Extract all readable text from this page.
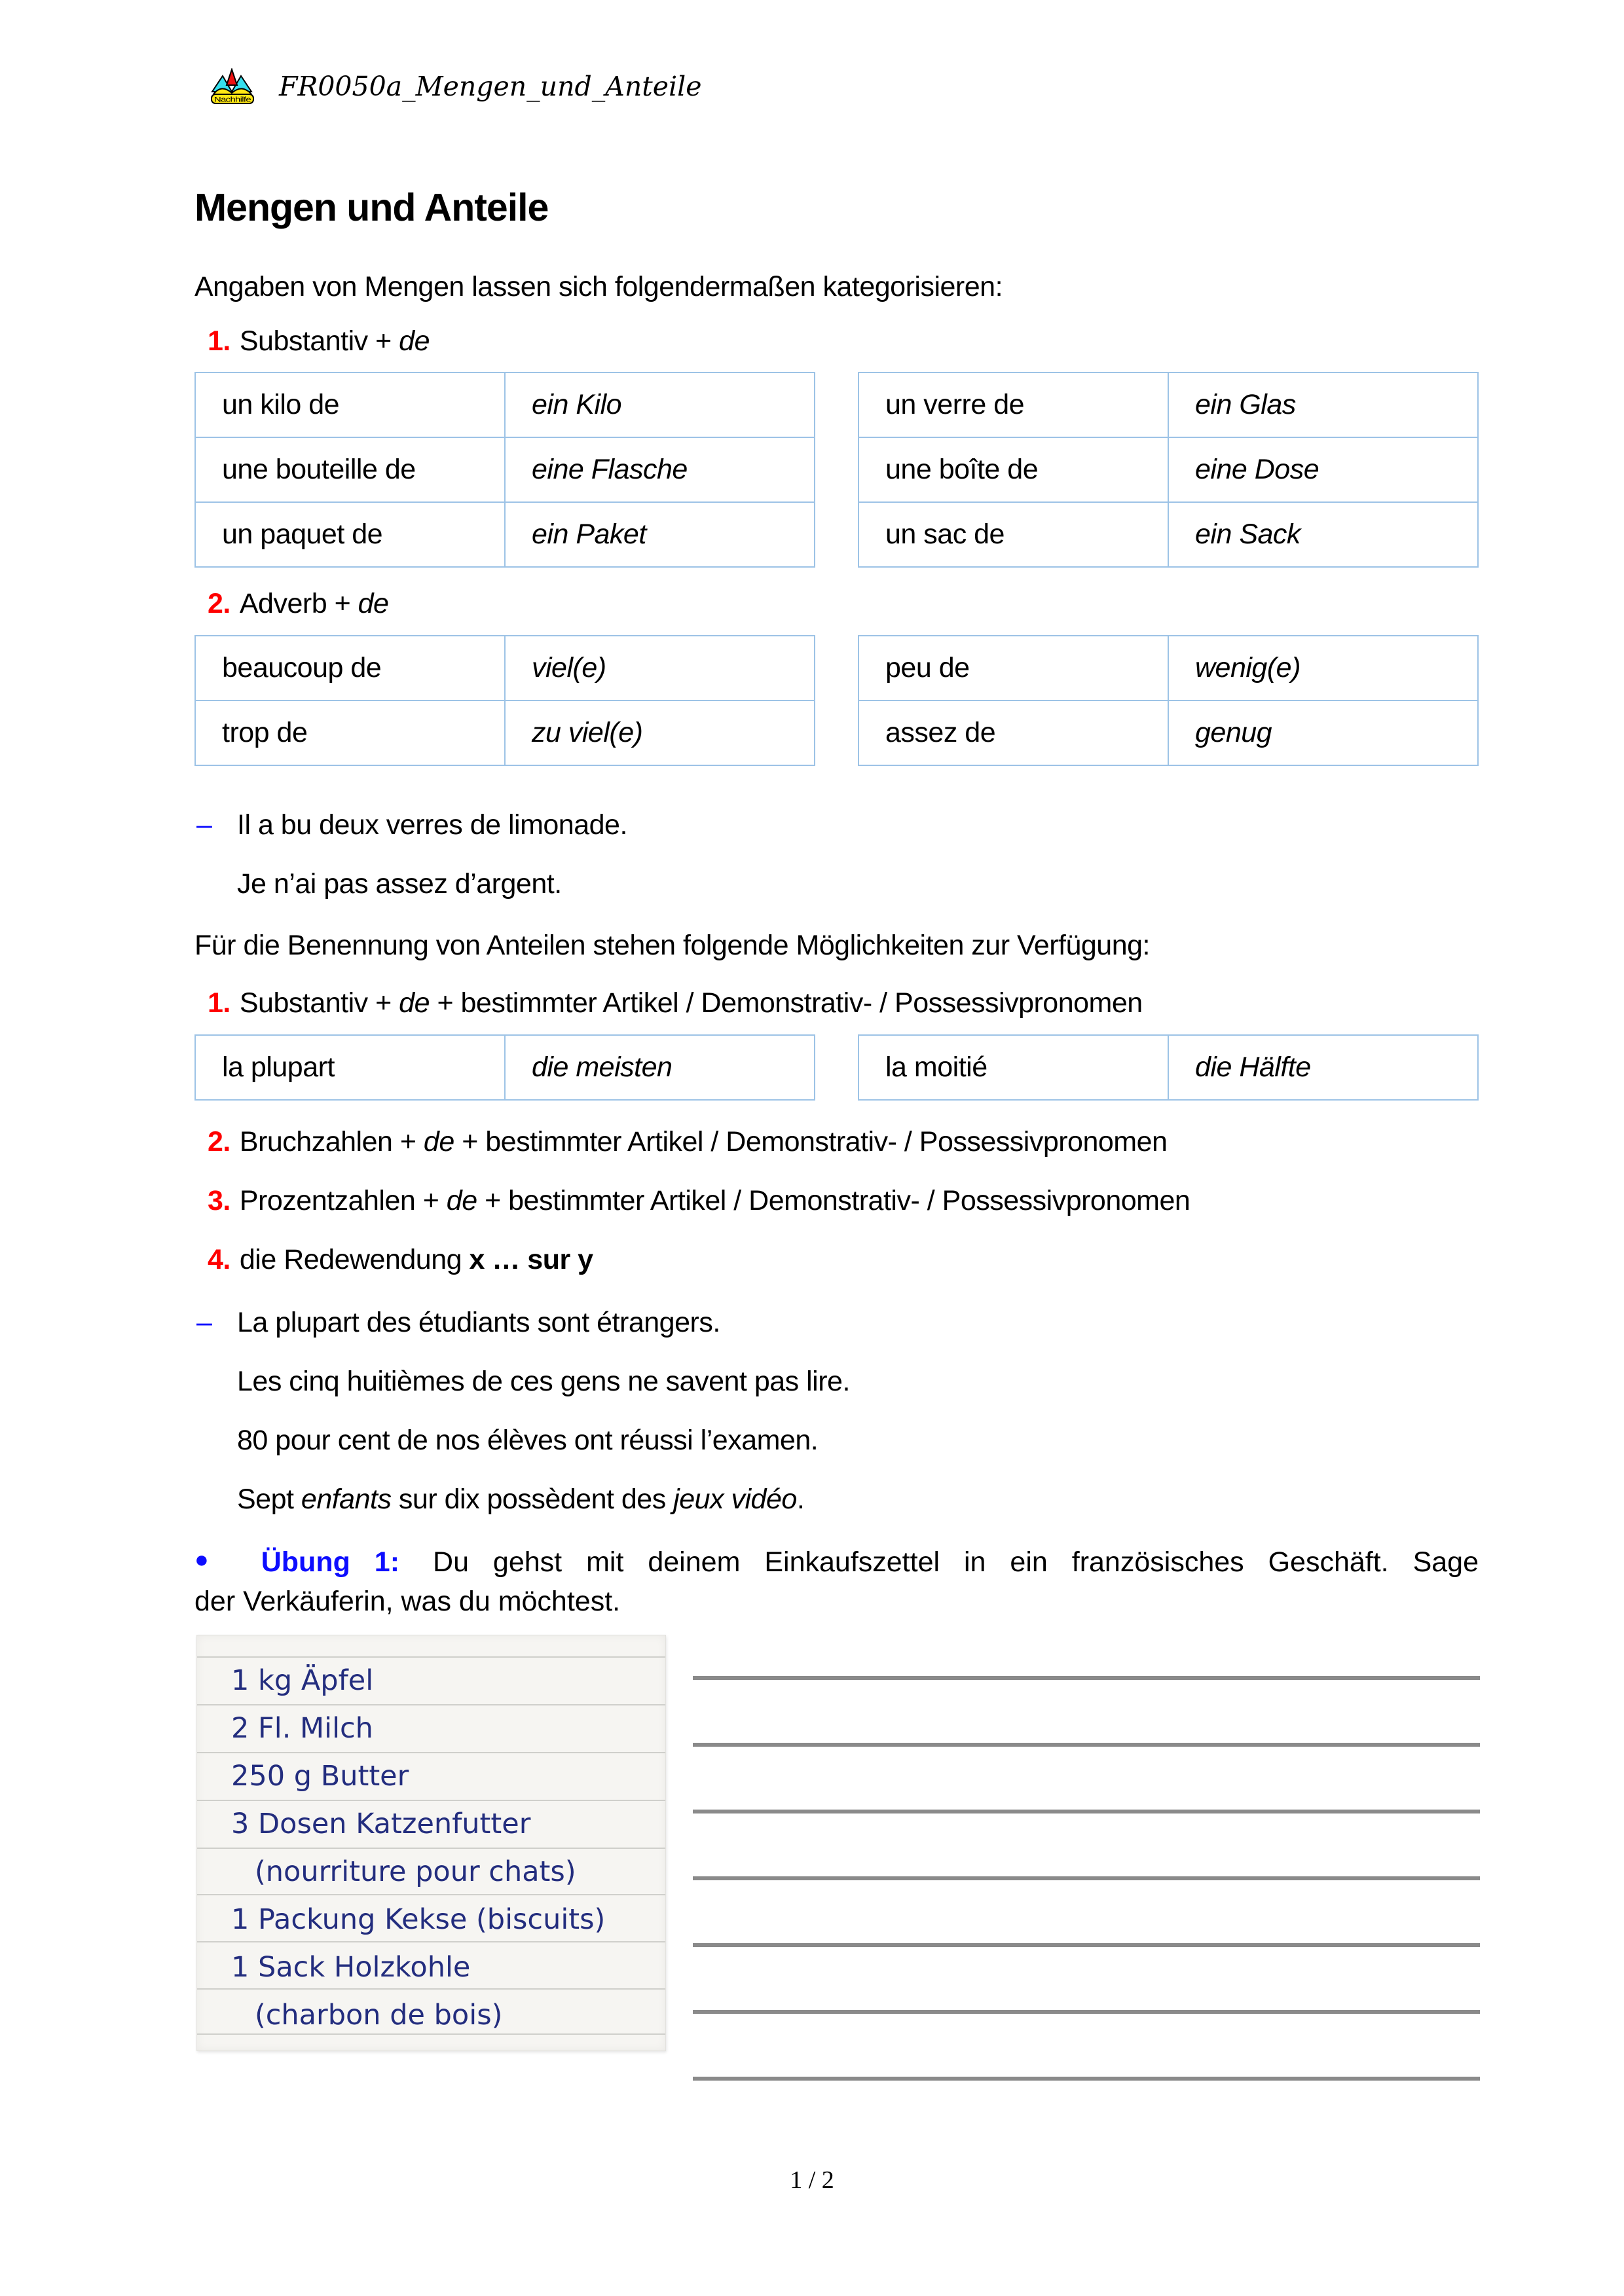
Nachhilfe FR0050a_Mengen_und_Anteile
Mengen und Anteile

Angaben von Mengen lassen sich folgendermaßen kategorisieren:

1. Substantiv + de
un kilo de	ein Kilo
une bouteille de	eine Flasche
un paquet de	ein Paket
un verre de	ein Glas
une boîte de	eine Dose
un sac de	ein Sack
2. Adverb + de
beaucoup de	viel(e)
trop de	zu viel(e)
peu de	wenig(e)
assez de	genug
– Il a bu deux verres de limonade.
Je n’ai pas assez d’argent.

Für die Benennung von Anteilen stehen folgende Möglichkeiten zur Verfügung:

1. Substantiv + de + bestimmter Artikel / Demonstrativ- / Possessivpronomen
la plupart	die meisten	la moitié	die Hälfte
2. Bruchzahlen + de + bestimmter Artikel / Demonstrativ- / Possessivpronomen
3. Prozentzahlen + de + bestimmter Artikel / Demonstrativ- / Possessivpronomen
4. die Redewendung x … sur y
– La plupart des étudiants sont étrangers.
Les cinq huitièmes de ces gens ne savent pas lire.
80 pour cent de nos élèves ont réussi l’examen.
Sept enfants sur dix possèdent des jeux vidéo.
● Übung 1: Du gehst mit deinem Einkaufszettel in ein französisches Geschäft. Sage
der Verkäuferin, was du möchtest.
1 kg Äpfel
2 Fl. Milch
250 g Butter
3 Dosen Katzenfutter
(nourriture pour chats)
1 Packung Kekse (biscuits)
1 Sack Holzkohle
(charbon de bois)
1 / 2
